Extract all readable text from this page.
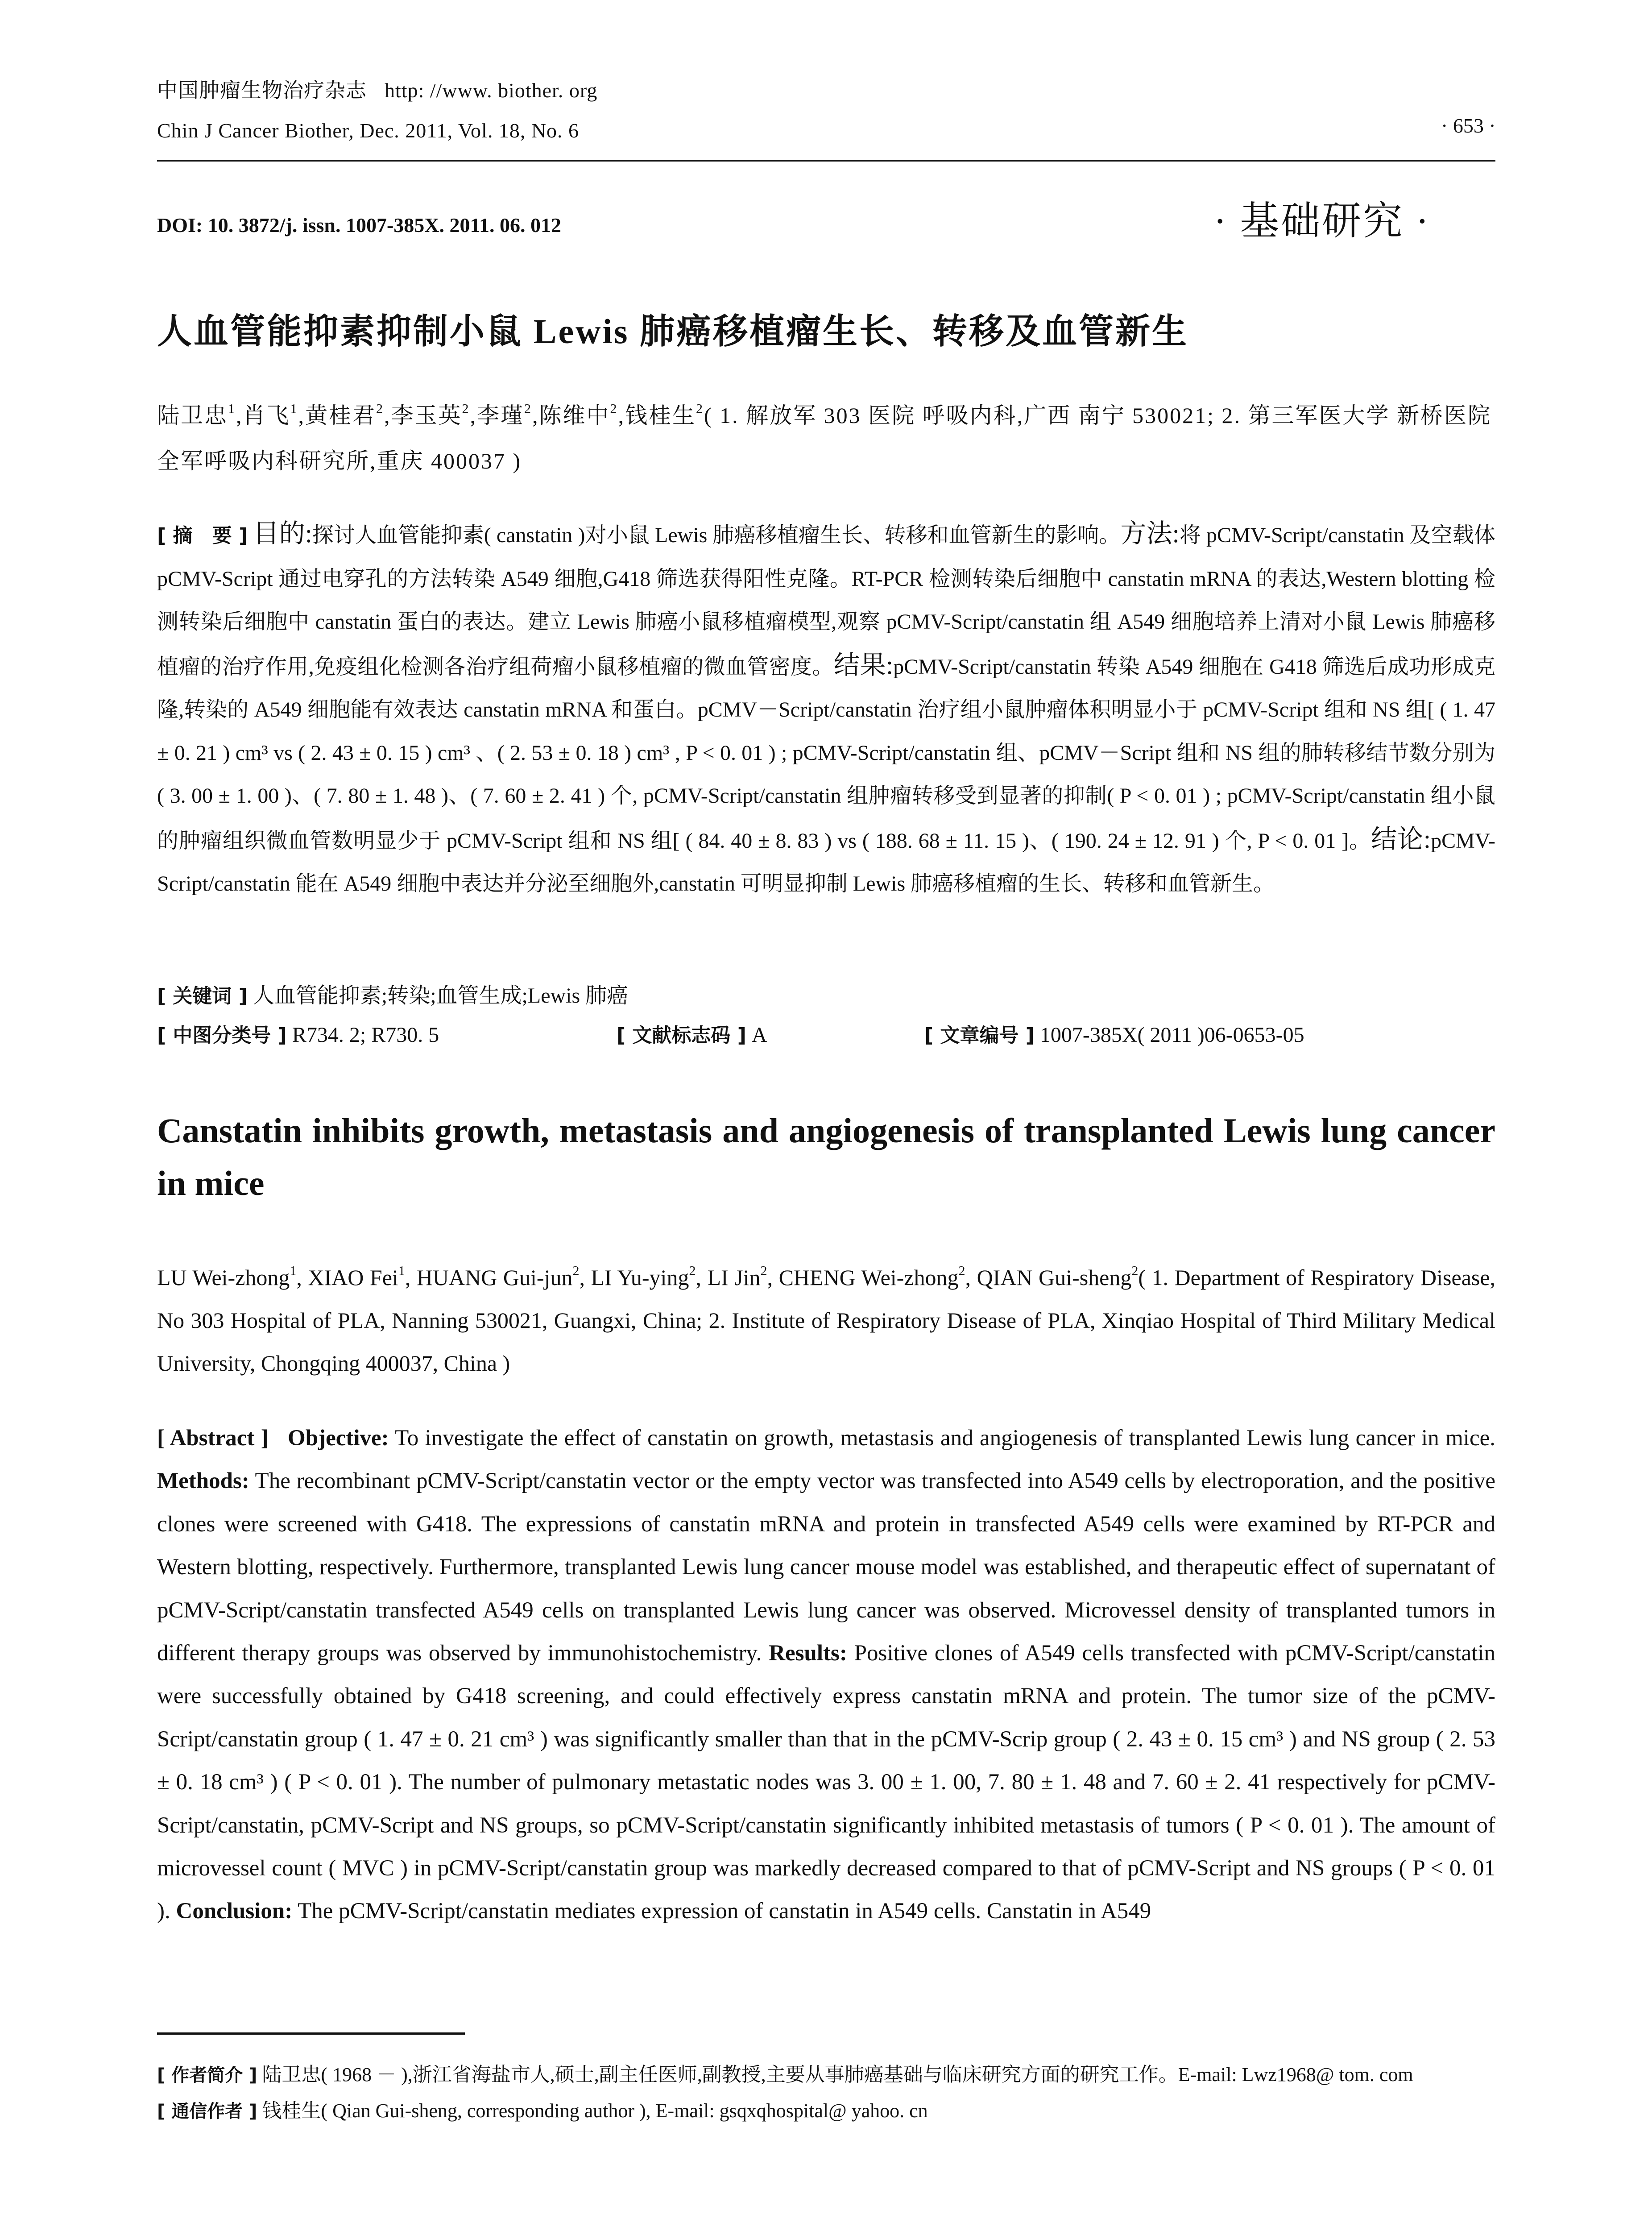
中国肿瘤生物治疗杂志 http: //www. biother. org
Chin J Cancer Biother, Dec. 2011, Vol. 18, No. 6	· 653 ·
DOI: 10. 3872/j. issn. 1007-385X. 2011. 06. 012	· 基础研究 ·
人血管能抑素抑制小鼠 Lewis 肺癌移植瘤生长、转移及血管新生
陆卫忠$^1$,肖飞$^1$,黄桂君$^2$,李玉英$^2$,李瑾$^2$,陈维中$^2$,钱桂生$^2$( 1. 解放军 303 医院 呼吸内科,广西 南宁 530021; 2. 第三军医大学 新桥医院 全军呼吸内科研究所,重庆 400037 )
[ 摘　要 ] 目的:探讨人血管能抑素( canstatin )对小鼠 Lewis 肺癌移植瘤生长、转移和血管新生的影响。方法:将 pCMV-Script/canstatin 及空载体 pCMV-Script 通过电穿孔的方法转染 A549 细胞,G418 筛选获得阳性克隆。RT-PCR 检测转染后细胞中 canstatin mRNA 的表达,Western blotting 检测转染后细胞中 canstatin 蛋白的表达。建立 Lewis 肺癌小鼠移植瘤模型,观察 pCMV-Script/canstatin 组 A549 细胞培养上清对小鼠 Lewis 肺癌移植瘤的治疗作用,免疫组化检测各治疗组荷瘤小鼠移植瘤的微血管密度。结果:pCMV-Script/canstatin 转染 A549 细胞在 G418 筛选后成功形成克隆,转染的 A549 细胞能有效表达 canstatin mRNA 和蛋白。pCMV－Script/canstatin 治疗组小鼠肿瘤体积明显小于 pCMV-Script 组和 NS 组[ ( 1. 47 ± 0. 21 ) cm³ vs ( 2. 43 ± 0. 15 ) cm³ 、( 2. 53 ± 0. 18 ) cm³ , P < 0. 01 ) ; pCMV-Script/canstatin 组、pCMV－Script 组和 NS 组的肺转移结节数分别为 ( 3. 00 ± 1. 00 )、( 7. 80 ± 1. 48 )、( 7. 60 ± 2. 41 ) 个, pCMV-Script/canstatin 组肿瘤转移受到显著的抑制( P < 0. 01 ) ; pCMV-Script/canstatin 组小鼠的肿瘤组织微血管数明显少于 pCMV-Script 组和 NS 组[ ( 84. 40 ± 8. 83 ) vs ( 188. 68 ± 11. 15 )、( 190. 24 ± 12. 91 ) 个, P < 0. 01 ]。结论:pCMV-Script/canstatin 能在 A549 细胞中表达并分泌至细胞外,canstatin 可明显抑制 Lewis 肺癌移植瘤的生长、转移和血管新生。
[ 关键词 ] 人血管能抑素;转染;血管生成;Lewis 肺癌
[ 中图分类号 ] R734. 2; R730. 5	[ 文献标志码 ] A	[ 文章编号 ] 1007-385X( 2011 )06-0653-05
Canstatin inhibits growth, metastasis and angiogenesis of transplanted Lewis lung cancer in mice
LU Wei-zhong$^1$, XIAO Fei$^1$, HUANG Gui-jun$^2$, LI Yu-ying$^2$, LI Jin$^2$, CHENG Wei-zhong$^2$, QIAN Gui-sheng$^2$( 1. Department of Respiratory Disease, No 303 Hospital of PLA, Nanning 530021, Guangxi, China; 2. Institute of Respiratory Disease of PLA, Xinqiao Hospital of Third Military Medical University, Chongqing 400037, China )
[ Abstract ] Objective: To investigate the effect of canstatin on growth, metastasis and angiogenesis of transplanted Lewis lung cancer in mice. Methods: The recombinant pCMV-Script/canstatin vector or the empty vector was transfected into A549 cells by electroporation, and the positive clones were screened with G418. The expressions of canstatin mRNA and protein in transfected A549 cells were examined by RT-PCR and Western blotting, respectively. Furthermore, transplanted Lewis lung cancer mouse model was established, and therapeutic effect of supernatant of pCMV-Script/canstatin transfected A549 cells on transplanted Lewis lung cancer was observed. Microvessel density of transplanted tumors in different therapy groups was observed by immunohistochemistry. Results: Positive clones of A549 cells transfected with pCMV-Script/canstatin were successfully obtained by G418 screening, and could effectively express canstatin mRNA and protein. The tumor size of the pCMV-Script/canstatin group ( 1. 47 ± 0. 21 cm³ ) was significantly smaller than that in the pCMV-Scrip group ( 2. 43 ± 0. 15 cm³ ) and NS group ( 2. 53 ± 0. 18 cm³ ) ( P < 0. 01 ). The number of pulmonary metastatic nodes was 3. 00 ± 1. 00, 7. 80 ± 1. 48 and 7. 60 ± 2. 41 respectively for pCMV-Script/canstatin, pCMV-Script and NS groups, so pCMV-Script/canstatin significantly inhibited metastasis of tumors ( P < 0. 01 ). The amount of microvessel count ( MVC ) in pCMV-Script/canstatin group was markedly decreased compared to that of pCMV-Script and NS groups ( P < 0. 01 ). Conclusion: The pCMV-Script/canstatin mediates expression of canstatin in A549 cells. Canstatin in A549
[ 作者简介 ] 陆卫忠( 1968 － ),浙江省海盐市人,硕士,副主任医师,副教授,主要从事肺癌基础与临床研究方面的研究工作。E-mail: Lwz1968@ tom. com
[ 通信作者 ] 钱桂生( Qian Gui-sheng, corresponding author ), E-mail: gsqxqhospital@ yahoo. cn
